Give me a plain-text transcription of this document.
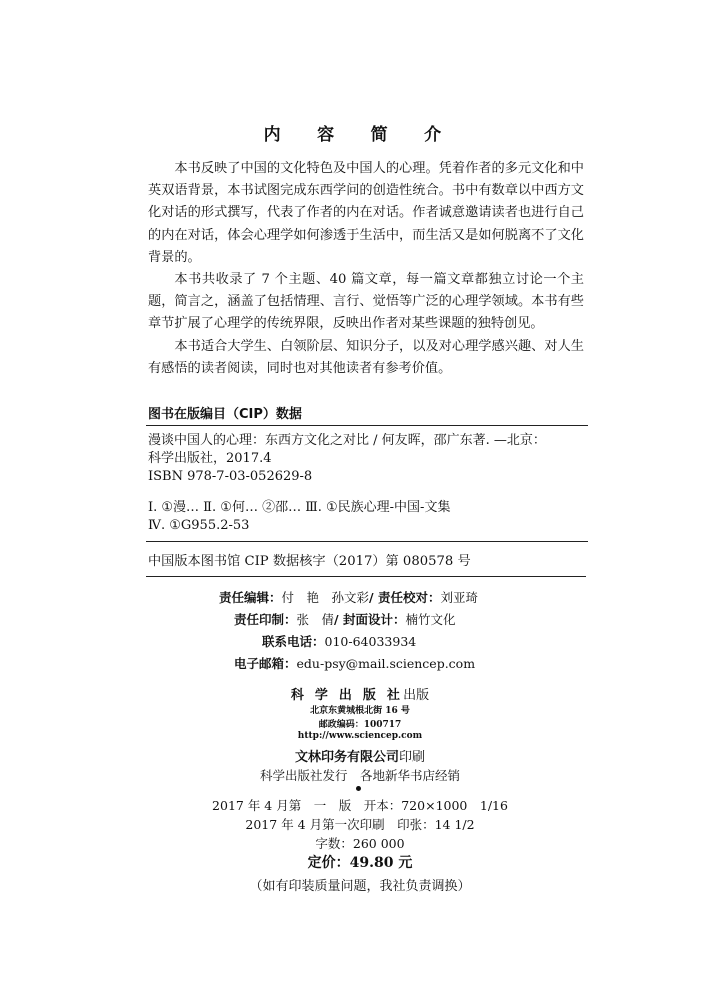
内 容 简 介

本书反映了中国的文化特色及中国人的心理。凭着作者的多元文化和中英双语背景，本书试图完成东西学问的创造性统合。书中有数章以中西方文化对话的形式撰写，代表了作者的内在对话。作者诚意邀请读者也进行自己的内在对话，体会心理学如何渗透于生活中，而生活又是如何脱离不了文化背景的。

本书共收录了 7 个主题、40 篇文章，每一篇文章都独立讨论一个主题，简言之，涵盖了包括情理、言行、觉悟等广泛的心理学领域。本书有些章节扩展了心理学的传统界限，反映出作者对某些课题的独特创见。

本书适合大学生、白领阶层、知识分子，以及对心理学感兴趣、对人生有感悟的读者阅读，同时也对其他读者有参考价值。

图书在版编目（CIP）数据
漫谈中国人的心理：东西方文化之对比 / 何友晖，邵广东著. —北京：
科学出版社，2017.4
ISBN 978-7-03-052629-8
Ⅰ. ①漫… Ⅱ. ①何… ②邵… Ⅲ. ①民族心理-中国-文集
Ⅳ. ①G955.2-53
中国版本图书馆 CIP 数据核字（2017）第 080578 号
责任编辑：付　艳　孙文彩/ 责任校对：刘亚琦
责任印制：张　倩/ 封面设计：楠竹文化
联系电话：010-64033934
电子邮箱：edu-psy@mail.sciencep.com
科 学 出 版 社出版
北京东黄城根北街 16 号
邮政编码：100717
http://www.sciencep.com
文林印务有限公司印刷
科学出版社发行　各地新华书店经销
2017 年 4 月第　一　版　开本：720×1000　1/16
2017 年 4 月第一次印刷　印张：14 1/2
字数：260 000
定价：49.80 元
（如有印装质量问题，我社负责调换）
